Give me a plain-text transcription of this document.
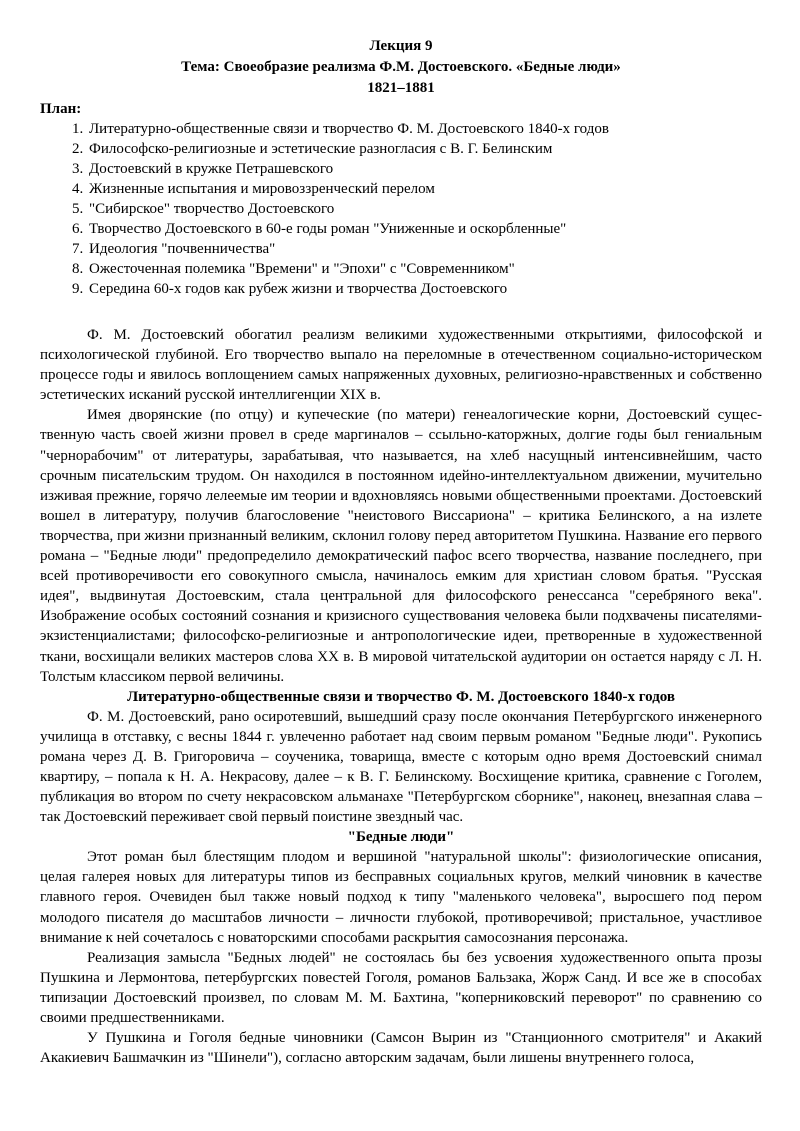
Лекция 9

Тема: Своеобразие реализма Ф.М. Достоевского. «Бедные люди»

1821–1881

План:

1. Литературно-общественные связи и творчество Ф. М. Достоевского 1840-х годов
2. Философско-религиозные и эстетические разногласия с В. Г. Белинским
3. Достоевский в кружке Петрашевского
4. Жизненные испытания и мировоззренческий перелом
5. "Сибирское" творчество Достоевского
6. Творчество Достоевского в 60-е годы роман "Униженные и оскорбленные"
7. Идеология "почвенничества"
8. Ожесточенная полемика "Времени" и "Эпохи" с "Современником"
9. Середина 60-х годов как рубеж жизни и творчества Достоевского

Ф. М. Достоевский обогатил реализм великими художественными открытиями, философской и психологической глубиной. Его творчество выпало на переломные в отечественном социально-историческом процессе годы и явилось воплощением самых напряженных духовных, религиозно-нравственных и собственно эстетических исканий русской интеллигенции XIX в.

Имея дворянские (по отцу) и купеческие (по матери) генеалогические корни, Достоевский существенную часть своей жизни провел в среде маргиналов – ссыльно-каторжных, долгие годы был гениальным "чернорабочим" от литературы, зарабатывая, что называется, на хлеб насущный интенсивнейшим, часто срочным писательским трудом. Он находился в постоянном идейно-интеллектуальном движении, мучительно изживая прежние, горячо лелеемые им теории и вдохновляясь новыми общественными проектами. Достоевский вошел в литературу, получив благословение "неистового Виссариона" – критика Белинского, а на излете творчества, при жизни признанный великим, склонил голову перед авторитетом Пушкина. Название его первого романа – "Бедные люди" предопределило демократический пафос всего творчества, название последнего, при всей противоречивости его совокупного смысла, начиналось емким для христиан словом братья. "Русская идея", выдвинутая Достоевским, стала центральной для философского ренессанса "серебряного века". Изображение особых состояний сознания и кризисного существования человека были подхвачены писателями-экзистенциалистами; философско-религиозные и антропологические идеи, претворенные в художественной ткани, восхищали великих мастеров слова XX в. В мировой читательской аудитории он остается наряду с Л. Н. Толстым классиком первой величины.

Литературно-общественные связи и творчество Ф. М. Достоевского 1840-х годов

Ф. М. Достоевский, рано осиротевший, вышедший сразу после окончания Петербургского инженерного училища в отставку, с весны 1844 г. увлеченно работает над своим первым романом "Бедные люди". Рукопись романа через Д. В. Григоровича – соученика, товарища, вместе с которым одно время Достоевский снимал квартиру, – попала к Н. А. Некрасову, далее – к В. Г. Белинскому. Восхищение критика, сравнение с Гоголем, публикация во втором по счету некрасовском альманахе "Петербургском сборнике", наконец, внезапная слава – так Достоевский переживает свой первый поистине звездный час.

"Бедные люди"

Этот роман был блестящим плодом и вершиной "натуральной школы": физиологические описания, целая галерея новых для литературы типов из бесправных социальных кругов, мелкий чиновник в качестве главного героя. Очевиден был также новый подход к типу "маленького человека", выросшего под пером молодого писателя до масштабов личности – личности глубокой, противоречивой; пристальное, участливое внимание к ней сочеталось с новаторскими способами раскрытия самосознания персонажа.

Реализация замысла "Бедных людей" не состоялась бы без усвоения художественного опыта прозы Пушкина и Лермонтова, петербургских повестей Гоголя, романов Бальзака, Жорж Санд. И все же в способах типизации Достоевский произвел, по словам М. М. Бахтина, "коперниковский переворот" по сравнению со своими предшественниками.

У Пушкина и Гоголя бедные чиновники (Самсон Вырин из "Станционного смотрителя" и Акакий Акакиевич Башмачкин из "Шинели"), согласно авторским задачам, были лишены внутреннего голоса,
